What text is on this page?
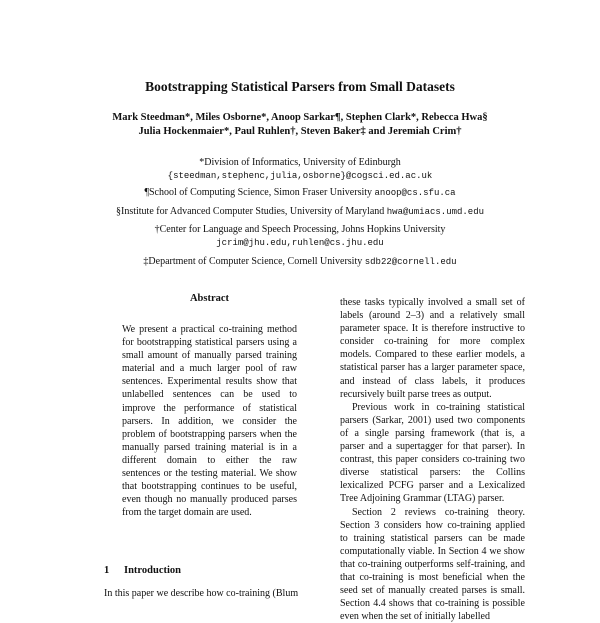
Bootstrapping Statistical Parsers from Small Datasets
Mark Steedman*, Miles Osborne*, Anoop Sarkar¶, Stephen Clark*, Rebecca Hwa§
Julia Hockenmaier*, Paul Ruhlen†, Steven Baker‡ and Jeremiah Crim†
*Division of Informatics, University of Edinburgh
{steedman,stephenc,julia,osborne}@cogsci.ed.ac.uk
¶School of Computing Science, Simon Fraser University anoop@cs.sfu.ca
§Institute for Advanced Computer Studies, University of Maryland hwa@umiacs.umd.edu
†Center for Language and Speech Processing, Johns Hopkins University
jcrim@jhu.edu,ruhlen@cs.jhu.edu
‡Department of Computer Science, Cornell University sdb22@cornell.edu
Abstract

We present a practical co-training method for bootstrapping statistical parsers using a small amount of manually parsed training material and a much larger pool of raw sentences. Experimental results show that unlabelled sentences can be used to improve the performance of statistical parsers. In addition, we consider the problem of bootstrapping parsers when the manually parsed training material is in a different domain to either the raw sentences or the testing material. We show that bootstrapping continues to be useful, even though no manually produced parses from the target domain are used.

these tasks typically involved a small set of labels (around 2–3) and a relatively small parameter space. It is therefore instructive to consider co-training for more complex models. Compared to these earlier models, a statistical parser has a larger parameter space, and instead of class labels, it produces recursively built parse trees as output.

Previous work in co-training statistical parsers (Sarkar, 2001) used two components of a single parsing framework (that is, a parser and a supertagger for that parser). In contrast, this paper considers co-training two diverse statistical parsers: the Collins lexicalized PCFG parser and a Lexicalized Tree Adjoining Grammar (LTAG) parser.

Section 2 reviews co-training theory. Section 3 considers how co-training applied to training statistical parsers can be made computationally viable. In Section 4 we show that co-training outperforms self-training, and that co-training is most beneficial when the seed set of manually created parses is small. Section 4.4 shows that co-training is possible even when the set of initially labelled

1 Introduction
In this paper we describe how co-training (Blum
